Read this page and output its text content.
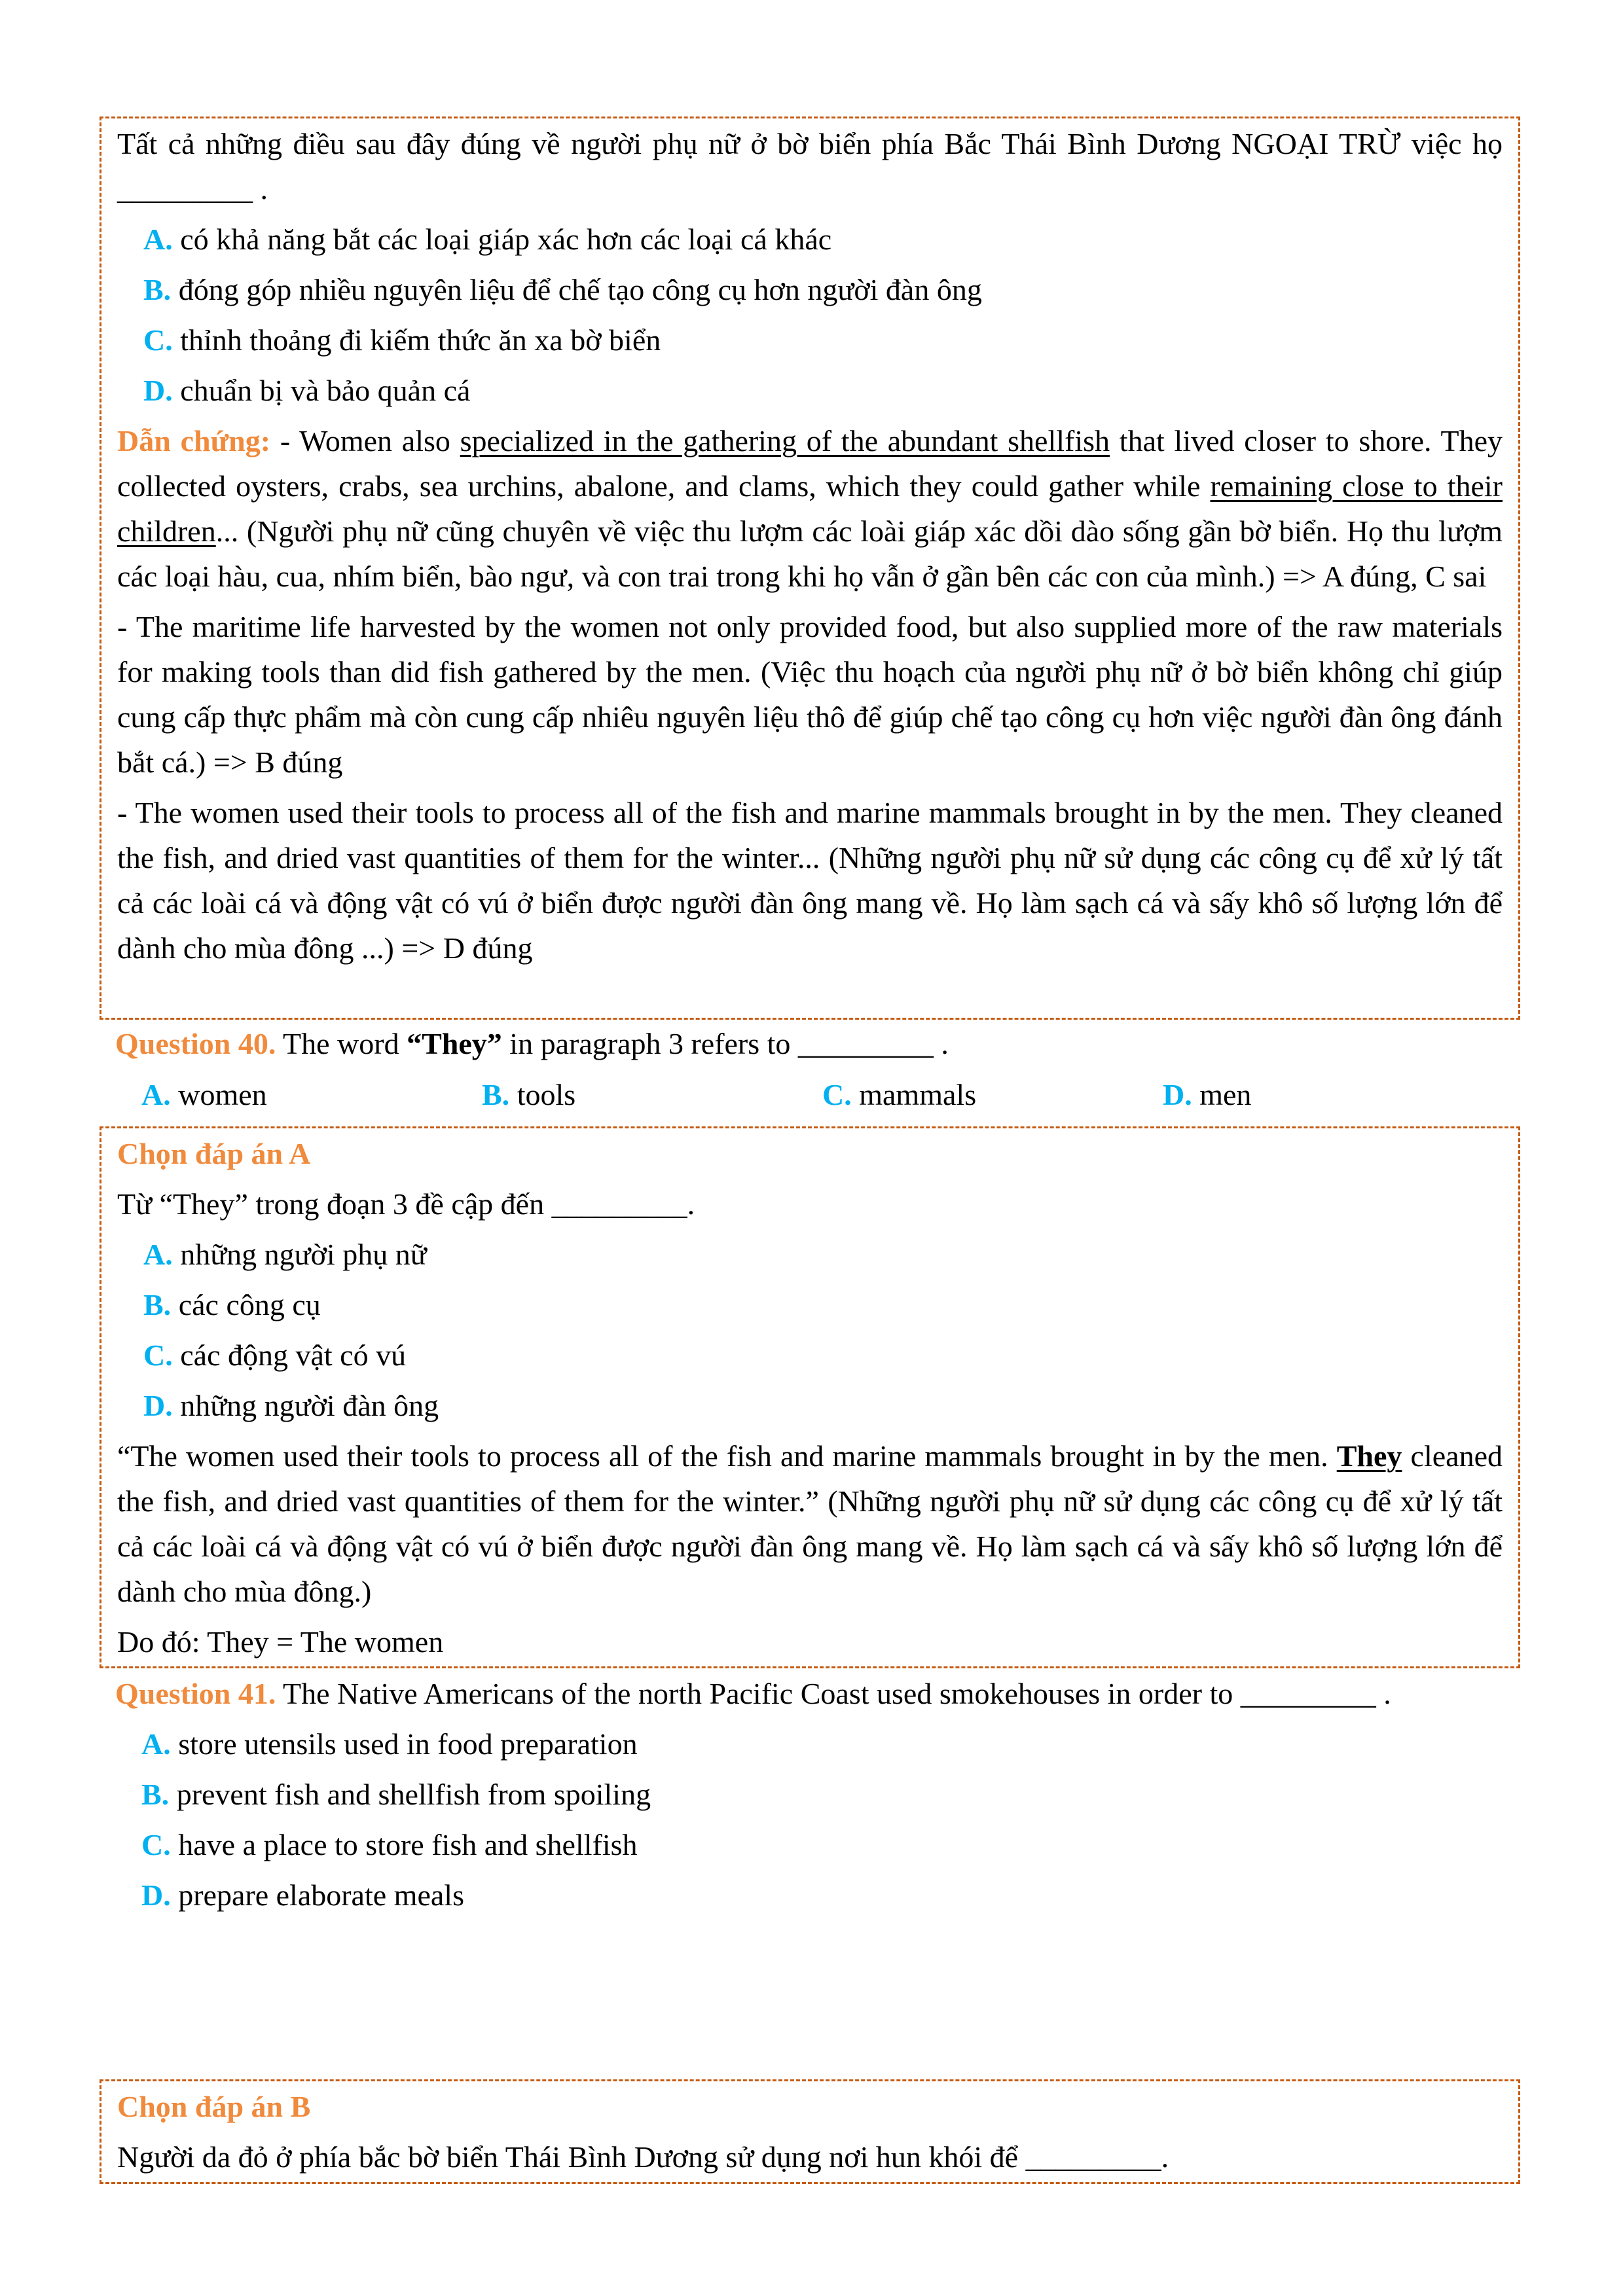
Tất cả những điều sau đây đúng về người phụ nữ ở bờ biển phía Bắc Thái Bình Dương NGOẠI TRỪ việc họ _________ .

A. có khả năng bắt các loại giáp xác hơn các loại cá khác

B. đóng góp nhiều nguyên liệu để chế tạo công cụ hơn người đàn ông

C. thỉnh thoảng đi kiếm thức ăn xa bờ biển

D. chuẩn bị và bảo quản cá

Dẫn chứng: - Women also specialized in the gathering of the abundant shellfish that lived closer to shore. They collected oysters, crabs, sea urchins, abalone, and clams, which they could gather while remaining close to their children... (Người phụ nữ cũng chuyên về việc thu lượm các loài giáp xác dồi dào sống gần bờ biển. Họ thu lượm các loại hàu, cua, nhím biển, bào ngư, và con trai trong khi họ vẫn ở gần bên các con của mình.) => A đúng, C sai

- The maritime life harvested by the women not only provided food, but also supplied more of the raw materials for making tools than did fish gathered by the men. (Việc thu hoạch của người phụ nữ ở bờ biển không chỉ giúp cung cấp thực phẩm mà còn cung cấp nhiêu nguyên liệu thô để giúp chế tạo công cụ hơn việc người đàn ông đánh bắt cá.) => B đúng

- The women used their tools to process all of the fish and marine mammals brought in by the men. They cleaned the fish, and dried vast quantities of them for the winter... (Những người phụ nữ sử dụng các công cụ để xử lý tất cả các loài cá và động vật có vú ở biển được người đàn ông mang về. Họ làm sạch cá và sấy khô số lượng lớn để dành cho mùa đông ...) => D đúng

Question 40. The word “They” in paragraph 3 refers to _________ .

A. women	B. tools	C. mammals	D. men

Chọn đáp án A

Từ “They” trong đoạn 3 đề cập đến _________.

A. những người phụ nữ

B. các công cụ

C. các động vật có vú

D. những người đàn ông

“The women used their tools to process all of the fish and marine mammals brought in by the men. They cleaned the fish, and dried vast quantities of them for the winter.” (Những người phụ nữ sử dụng các công cụ để xử lý tất cả các loài cá và động vật có vú ở biển được người đàn ông mang về. Họ làm sạch cá và sấy khô số lượng lớn để dành cho mùa đông.)

Do đó: They = The women

Question 41. The Native Americans of the north Pacific Coast used smokehouses in order to _________ .

A. store utensils used in food preparation

B. prevent fish and shellfish from spoiling

C. have a place to store fish and shellfish

D. prepare elaborate meals

Chọn đáp án B

Người da đỏ ở phía bắc bờ biển Thái Bình Dương sử dụng nơi hun khói để _________.
